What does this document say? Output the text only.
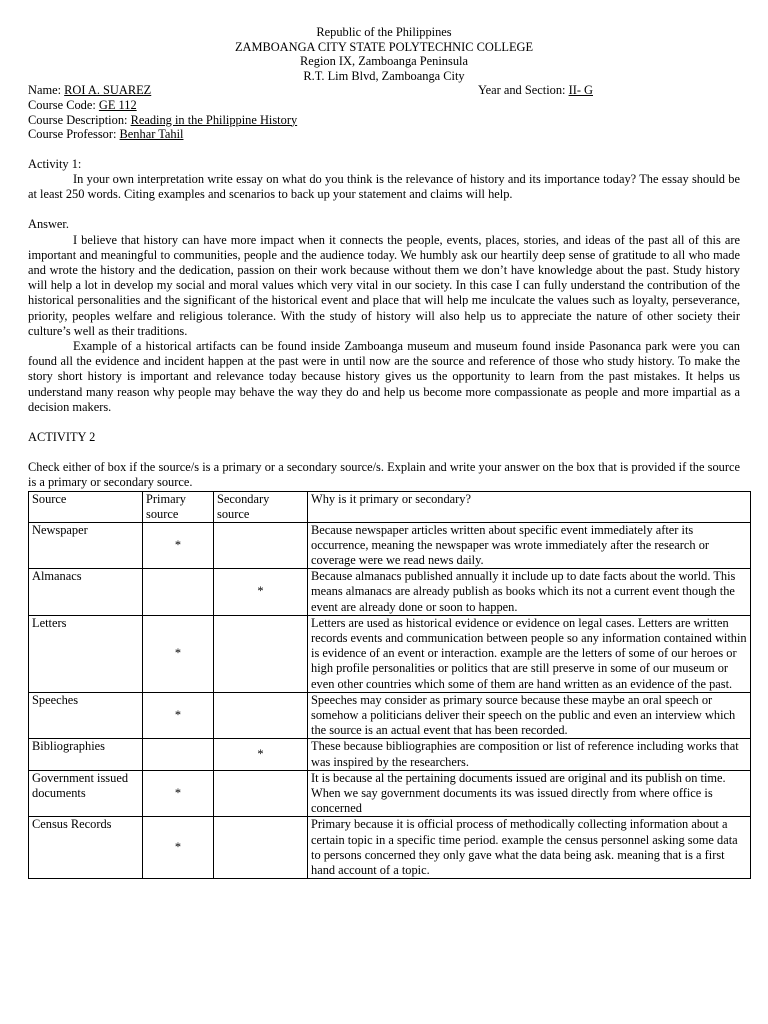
Republic of the Philippines
ZAMBOANGA CITY STATE POLYTECHNIC COLLEGE
Region IX, Zamboanga Peninsula
R.T. Lim Blvd, Zamboanga City
Name: ROI A. SUAREZ	Year and Section: II- G
Course Code: GE 112
Course Description: Reading in the Philippine History
Course Professor: Benhar Tahil
Activity 1:

In your own interpretation write essay on what do you think is the relevance of history and its importance today? The essay should be at least 250 words. Citing examples and scenarios to back up your statement and claims will help.

Answer.

I believe that history can have more impact when it connects the people, events, places, stories, and ideas of the past all of this are important and meaningful to communities, people and the audience today. We humbly ask our heartily deep sense of gratitude to all who made and wrote the history and the dedication, passion on their work because without them we don’t have knowledge about the past. Study history will help a lot in develop my social and moral values which very vital in our society. In this case I can fully understand the contribution of the historical personalities and the significant of the historical event and place that will help me inculcate the values such as loyalty, perseverance, priority, peoples welfare and religious tolerance. With the study of history will also help us to appreciate the nature of other society their culture’s well as their traditions.

Example of a historical artifacts can be found inside Zamboanga museum and museum found inside Pasonanca park were you can found all the evidence and incident happen at the past were in until now are the source and reference of those who study history. To make the story short history is important and relevance today because history gives us the opportunity to learn from the past mistakes. It helps us understand many reason why people may behave the way they do and help us become more compassionate as people and more impartial as a decision makers.

ACTIVITY 2

Check either of box if the source/s is a primary or a secondary source/s. Explain and write your answer on the box that is provided if the source is a primary or secondary source.

Source	Primary source	Secondary source	Why is it primary or secondary?
Newspaper	*		Because newspaper articles written about specific event immediately after its occurrence, meaning the newspaper was wrote immediately after the research or coverage were we read news daily.
Almanacs		*	Because almanacs published annually it include up to date facts about the world. This means almanacs are already publish as books which its not a current event though the event are already done or soon to happen.
Letters	*		Letters are used as historical evidence or evidence on legal cases. Letters are written records events and communication between people so any information contained within is evidence of an event or interaction. example are the letters of some of our heroes or high profile personalities or politics that are still preserve in some of our museum or even other countries which some of them are hand written as an evidence of the past.
Speeches	*		Speeches may consider as primary source because these maybe an oral speech or somehow a politicians deliver their speech on the public and even an interview which the source is an actual event that has been recorded.
Bibliographies		*	These because bibliographies are composition or list of reference including works that was inspired by the researchers.
Government issued documents	*		It is because al the pertaining documents issued are original and its publish on time. When we say government documents its was issued directly from where office is concerned
Census Records	*		Primary because it is official process of methodically collecting information about a certain topic in a specific time period. example the census personnel asking some data to persons concerned they only gave what the data being ask. meaning that is a first hand account of a topic.
